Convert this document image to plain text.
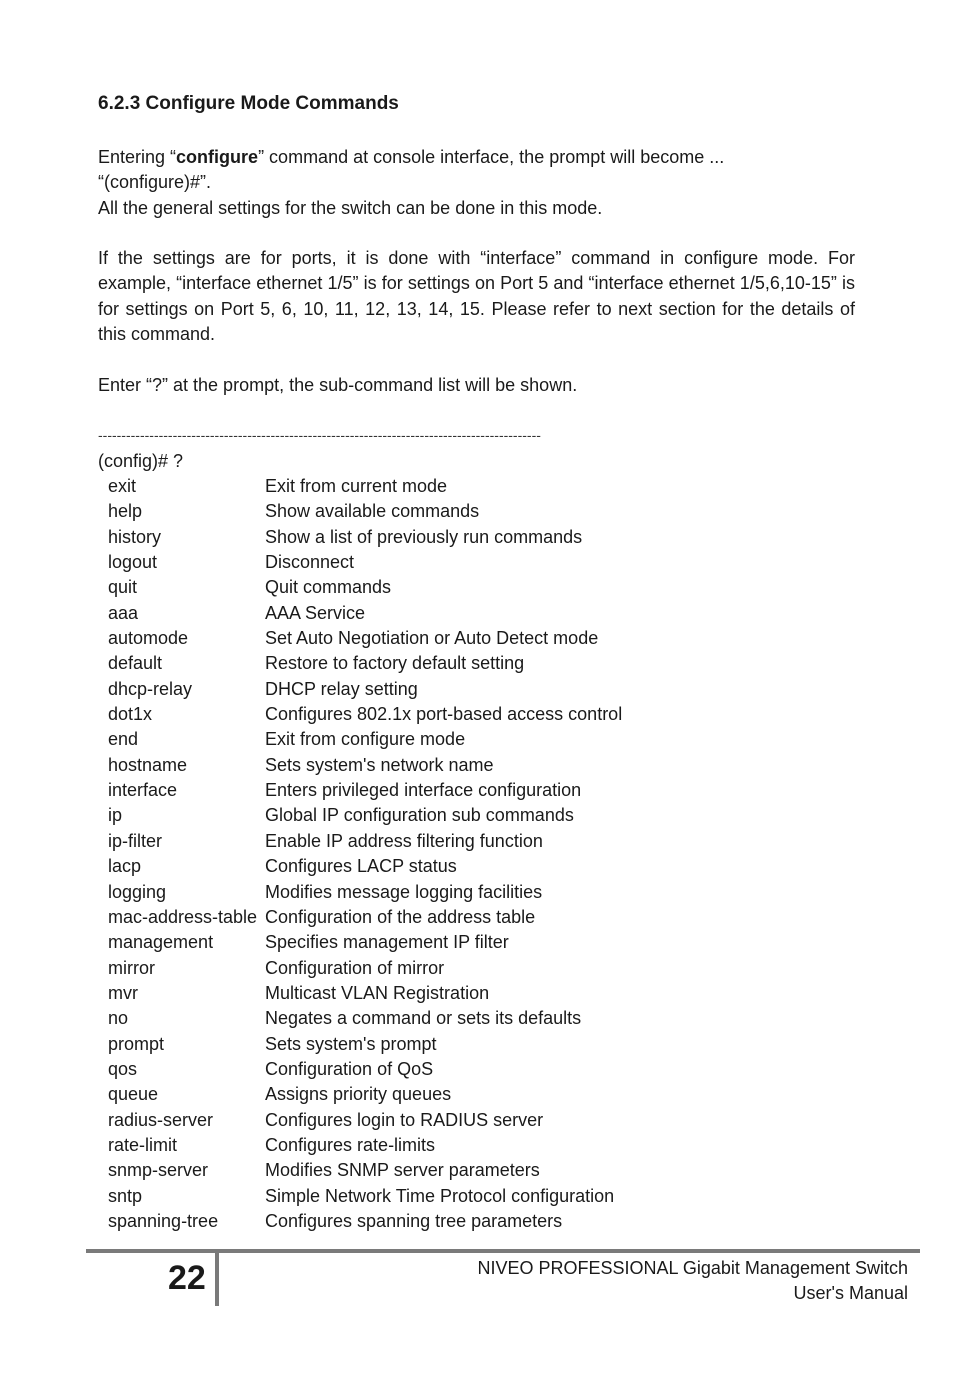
6.2.3 Configure Mode Commands
Entering “configure” command at console interface, the prompt will become ...
“(configure)#”.
All the general settings for the switch can be done in this mode.

If the settings are for ports, it is done with “interface” command in configure mode. For example, “interface ethernet 1/5” is for settings on Port 5 and “interface ethernet 1/5,6,10-15” is for settings on Port 5, 6, 10, 11, 12, 13, 14, 15. Please refer to next section for the details of this command.

Enter “?” at the prompt, the sub-command list will be shown.
-----------------------------------------------------------------------------------------------
(config)# ?
exit	Exit from current mode
help	Show available commands
history	Show a list of previously run commands
logout	Disconnect
quit	Quit commands
aaa	AAA Service
automode	Set Auto Negotiation or Auto Detect mode
default	Restore to factory default setting
dhcp-relay	DHCP relay setting
dot1x	Configures 802.1x port-based access control
end	Exit from configure mode
hostname	Sets system's network name
interface	Enters privileged interface configuration
ip	Global IP configuration sub commands
ip-filter	Enable IP address filtering function
lacp	Configures LACP status
logging	Modifies message logging facilities
mac-address-table Configuration of the address table
management	Specifies management IP filter
mirror	Configuration of mirror
mvr	Multicast VLAN Registration
no	Negates a command or sets its defaults
prompt	Sets system's prompt
qos	Configuration of QoS
queue	Assigns priority queues
radius-server	Configures login to RADIUS server
rate-limit	Configures rate-limits
snmp-server	Modifies SNMP server parameters
sntp	Simple Network Time Protocol configuration
spanning-tree	Configures spanning tree parameters
22	NIVEO PROFESSIONAL Gigabit Management Switch
User's Manual
